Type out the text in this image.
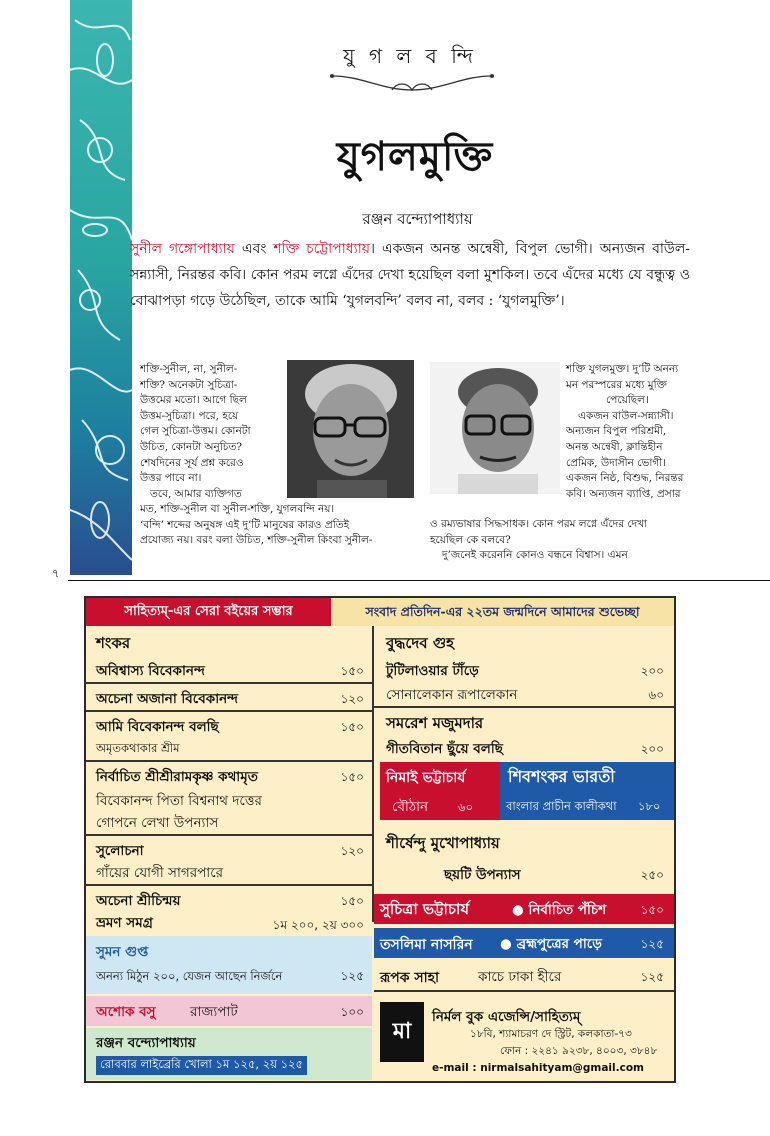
যু গ ল ব ন্দি
যুগলমুক্তি
রঞ্জন বন্দ্যোপাধ্যায়
সুনীল গঙ্গোপাধ্যায় এবং শক্তি চট্টোপাধ্যায়। একজন অনন্ত অন্বেষী, বিপুল ভোগী। অন্যজন বাউল-সন্ন্যাসী, নিরন্তর কবি। কোন পরম লগ্নে এঁদের দেখা হয়েছিল বলা মুশকিল। তবে এঁদের মধ্যে যে বন্ধুত্ব ও বোঝাপড়া গড়ে উঠেছিল, তাকে আমি ‘যুগলবন্দি’ বলব না, বলব : ‘যুগলমুক্তি’।
শক্তি-সুনীল, না, সুনীল-
শক্তি? অনেকটা সুচিত্রা-
উত্তমের মতো। আগে ছিল
উত্তম-সুচিত্রা। পরে, হয়ে
গেল সুচিত্রা-উত্তম। কোনটা
উচিত, কোনটা অনুচিত?
শেষদিনের সূর্য প্রশ্ন করেও
উত্তর পাবে না।
তবে, আমার ব্যক্তিগত
মত, শক্তি-সুনীল বা সুনীল-শক্তি, যুগলবন্দি নয়।
‘বন্দি’ শব্দের অনুষঙ্গ এই দু’টি মানুষের কারও প্রতিই
প্রযোজ্য নয়। বরং বলা উচিত, শক্তি-সুনীল কিংবা সুনীল-
শক্তি যুগলমুক্ত। দু’টি অনন্য
মন পরস্পরের মধ্যে মুক্তি
পেয়েছিল।
একজন বাউল-সন্ন্যাসী।
অন্যজন বিপুল পরিশ্রমী,
অনন্ত অন্বেষী, ক্লান্তিহীন
প্রেমিক, উদাসীন ভোগী।
একজন নিষ্ঠ, বিশুদ্ধ, নিরন্তর
কবি। অন্যজন ব্যাপ্তি, প্রসার
ও রম্যভাষার সিদ্ধসাধক। কোন পরম লগ্নে এঁদের দেখা
হয়েছিল কে বলবে?
দু’জনেই করেননি কোনও বন্ধনে বিশ্বাস। এমন
৭
সাহিত্যম্‌-এর সেরা বইয়ের সম্ভার	সংবাদ প্রতিদিন-এর ২২তম জন্মদিনে আমাদের শুভেচ্ছা
শংকর
অবিশ্বাস্য বিবেকানন্দ	১৫০
অচেনা অজানা বিবেকানন্দ	১২০
আমি বিবেকানন্দ বলছি	১৫০
অমৃতকথাকার শ্রীম
নির্বাচিত শ্রীশ্রীরামকৃষ্ণ কথামৃত	১৫০
বিবেকানন্দ পিতা বিশ্বনাথ দত্তের
গোপনে লেখা উপন্যাস
সুলোচনা	১২০
গাঁয়ের যোগী সাগরপারে
অচেনা শ্রীচিন্ময়	১৫০
ভ্রমণ সমগ্র	১ম ২০০, ২য় ৩০০
সুমন গুপ্ত
অনন্য মিঠুন ২০০, যেজন আছেন নির্জনে	১২৫
অশোক বসু	রাজ্যপাট	১০০
রঞ্জন বন্দ্যোপাধ্যায়
রোববার লাইব্রেরি খোলা ১ম ১২৫, ২য় ১২৫
বুদ্ধদেব গুহ
টুটিলাওয়ার টাঁড়ে	২০০
সোনালেকান রূপালেকান	৬০
সমরেশ মজুমদার
গীতবিতান ছুঁয়ে বলছি	২০০
নিমাই ভট্টাচার্য
বৌঠান	৬০
শিবশংকর ভারতী
বাংলার প্রাচীন কালীকথা ১৮০
শীর্ষেন্দু মুখোপাধ্যায়
ছয়টি উপন্যাস	২৫০
সুচিত্রা ভট্টাচার্য	● নির্বাচিত পঁচিশ	১৫০
তসলিমা নাসরিন ● ব্রহ্মপুত্রের পাড়ে	১২৫
রূপক সাহা	কাচে ঢাকা হীরে	১২৫
মা
নির্মল বুক এজেন্সি/সাহিত্যম্‌
১৮বি, শ্যামাচরণ দে স্ট্রিট, কলকাতা-৭৩
ফোন : ২২৪১ ৯২৩৮, ৪০০৩, ৩৮৪৮
e-mail : nirmalsahityam@gmail.com
